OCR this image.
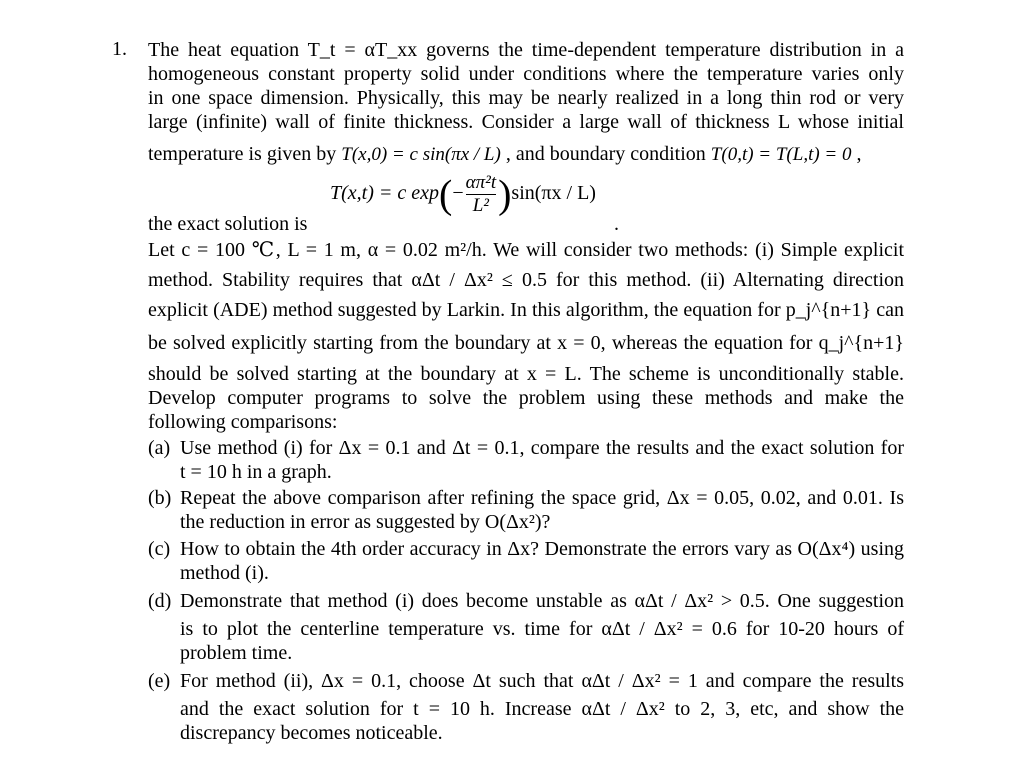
1. The heat equation T_t = αT_xx governs the time-dependent temperature distribution in a
homogeneous constant property solid under conditions where the temperature varies only
in one space dimension. Physically, this may be nearly realized in a long thin rod or very
large (infinite) wall of finite thickness. Consider a large wall of thickness L whose initial
temperature is given by T(x,0) = c sin(πx / L) , and boundary condition T(0,t) = T(L,t) = 0 ,
T(x,t) = c $\exp(- \frac{\text{απ²t}}{\text{L²}} )\sin(\pi x / L)$
the exact solution is	.
Let c = 100 ℃, L = 1 m, α = 0.02 m²/h. We will consider two methods: (i) Simple explicit
method. Stability requires that αΔt / Δx² ≤ 0.5 for this method. (ii) Alternating direction
explicit (ADE) method suggested by Larkin. In this algorithm, the equation for p_j^{n+1} can
be solved explicitly starting from the boundary at x = 0, whereas the equation for q_j^{n+1}
should be solved starting at the boundary at x = L. The scheme is unconditionally stable.
Develop computer programs to solve the problem using these methods and make the
following comparisons:
(a) Use method (i) for Δx = 0.1 and Δt = 0.1, compare the results and the exact solution for
t = 10 h in a graph.
(b) Repeat the above comparison after refining the space grid, Δx = 0.05, 0.02, and 0.01. Is
the reduction in error as suggested by O(Δx²)?
(c) How to obtain the 4th order accuracy in Δx? Demonstrate the errors vary as O(Δx⁴) using
method (i).
(d) Demonstrate that method (i) does become unstable as αΔt / Δx² > 0.5. One suggestion
is to plot the centerline temperature vs. time for αΔt / Δx² = 0.6 for 10-20 hours of
problem time.
(e) For method (ii), Δx = 0.1, choose Δt such that αΔt / Δx² = 1 and compare the results
and the exact solution for t = 10 h. Increase αΔt / Δx² to 2, 3, etc, and show the
discrepancy becomes noticeable.
